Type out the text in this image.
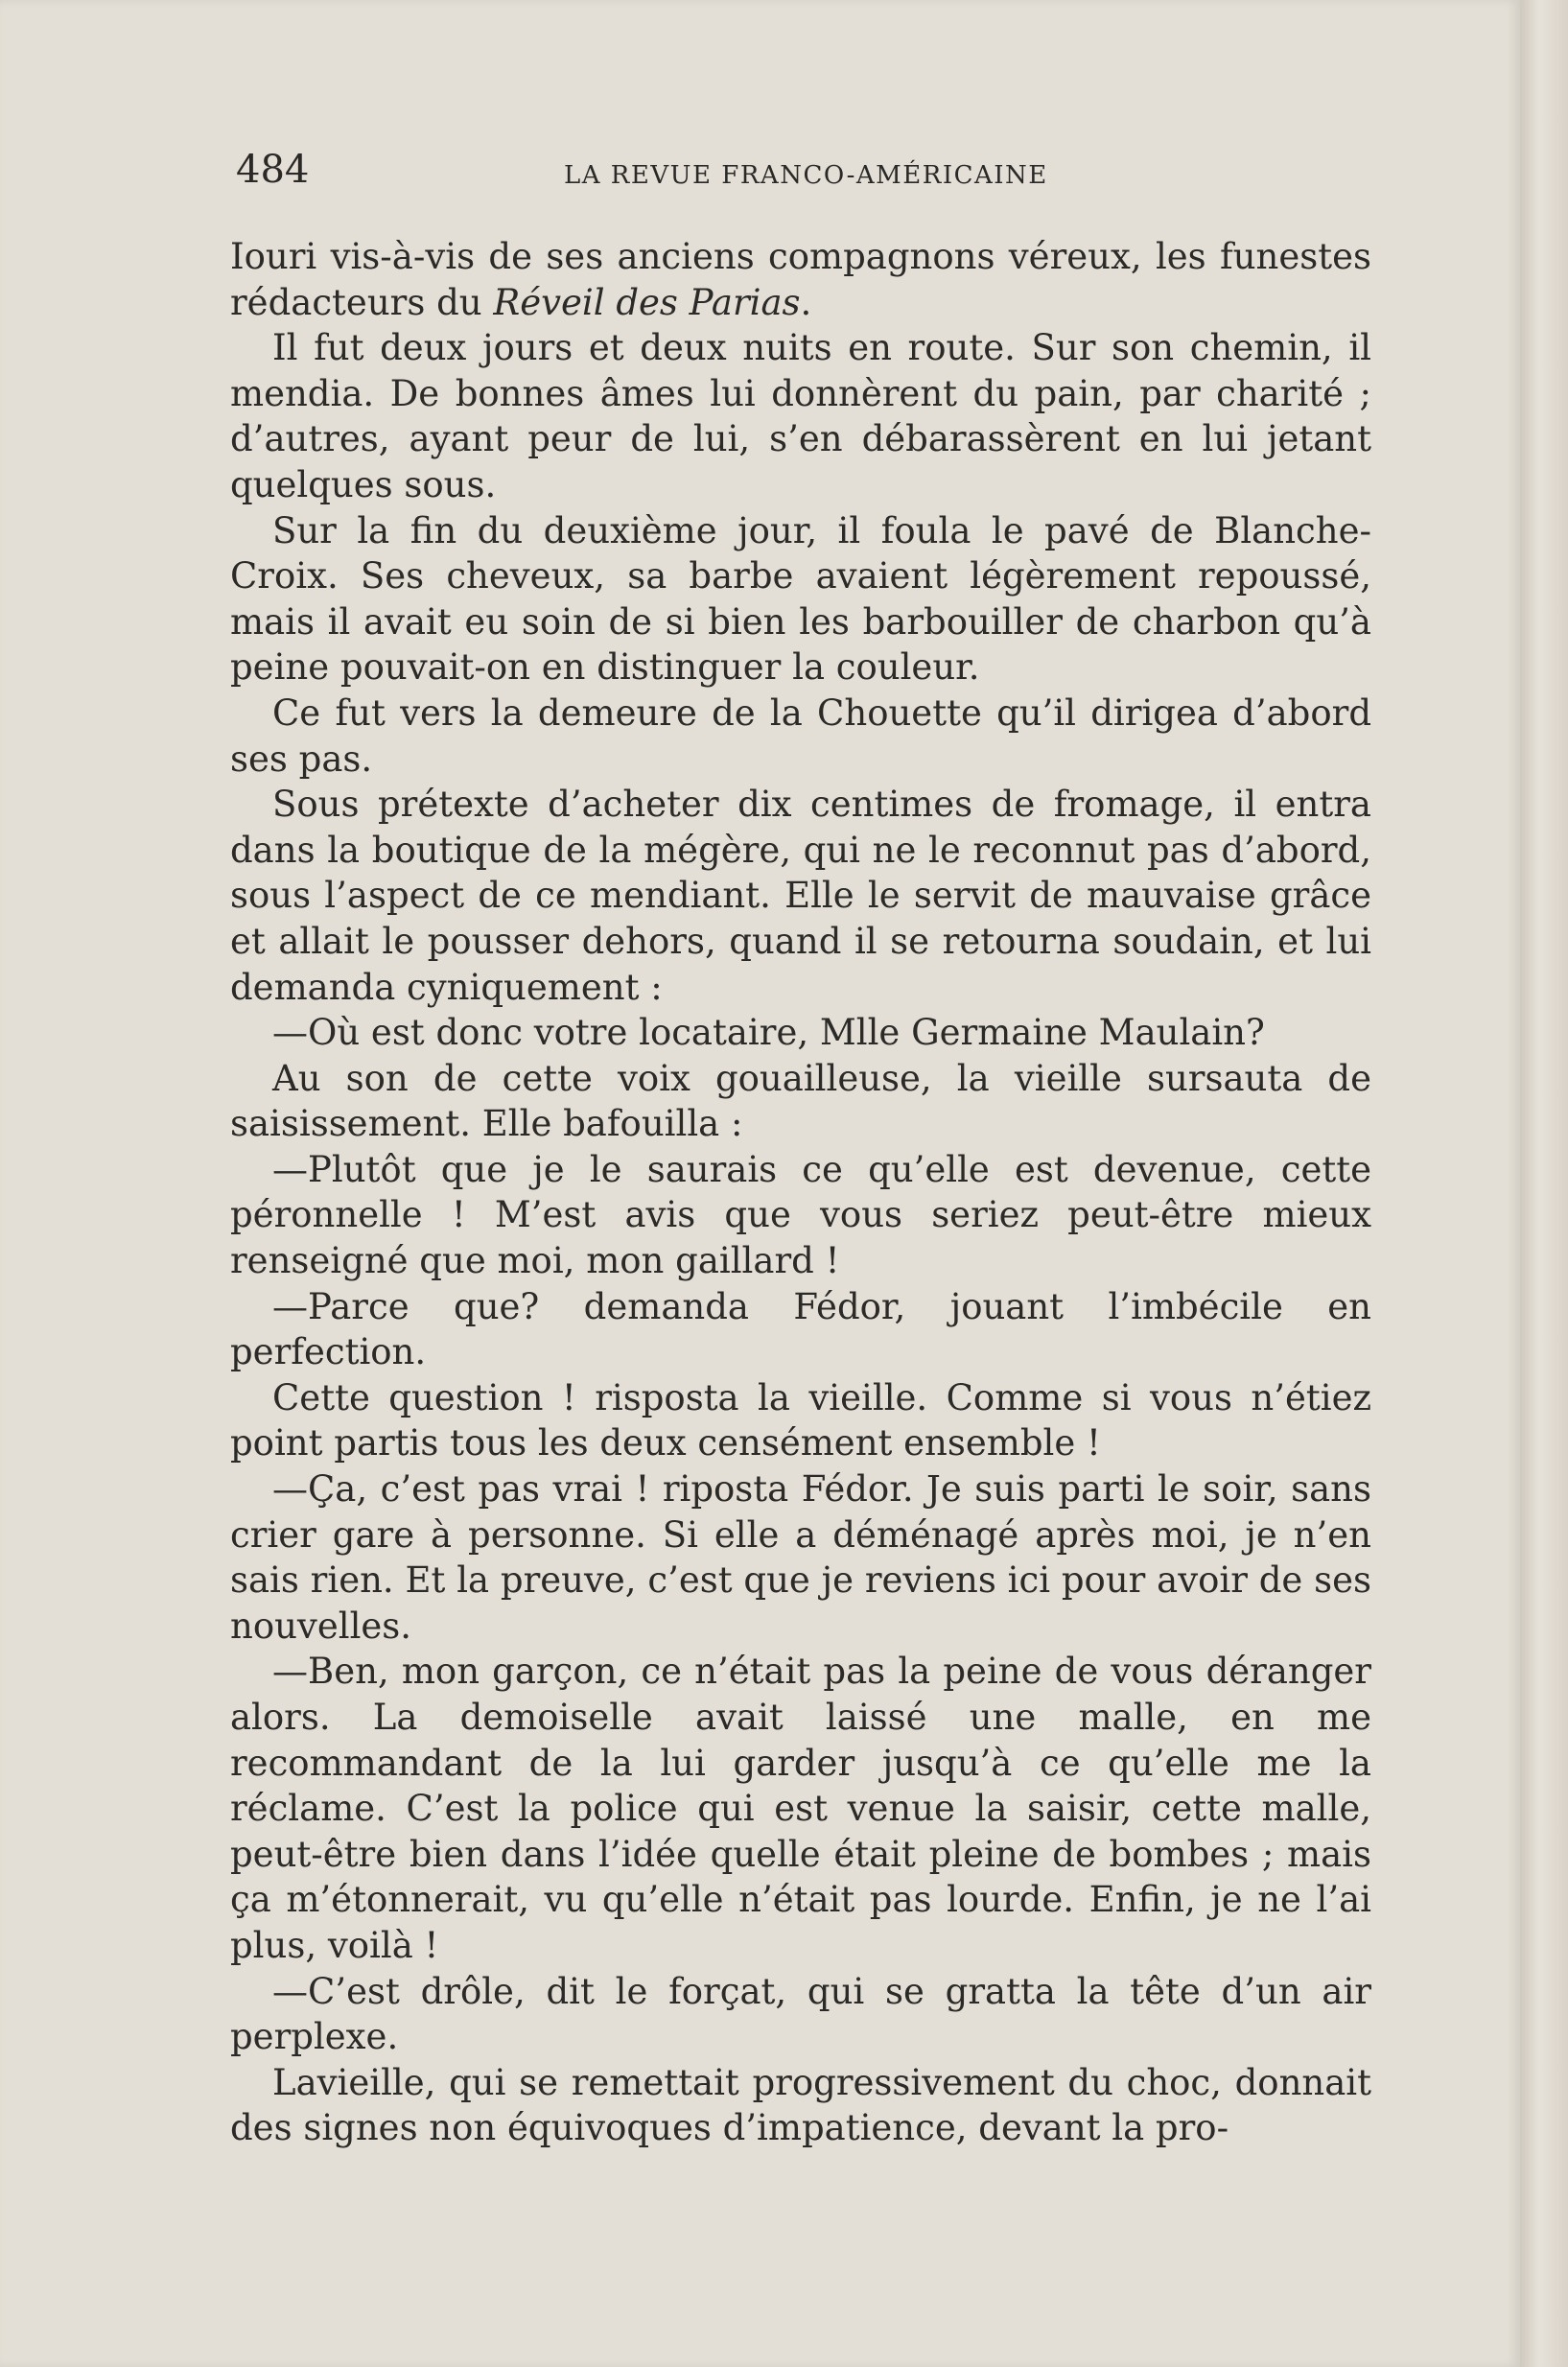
484	LA REVUE FRANCO-AMÉRICAINE

Iouri vis-à-vis de ses anciens compagnons véreux, les funestes rédacteurs du Réveil des Parias.

Il fut deux jours et deux nuits en route. Sur son chemin, il mendia. De bonnes âmes lui donnèrent du pain, par charité ; d’autres, ayant peur de lui, s’en débarassèrent en lui jetant quelques sous.

Sur la fin du deuxième jour, il foula le pavé de Blanche-Croix. Ses cheveux, sa barbe avaient légèrement repoussé, mais il avait eu soin de si bien les barbouiller de charbon qu’à peine pouvait-on en distinguer la couleur.

Ce fut vers la demeure de la Chouette qu’il dirigea d’abord ses pas.

Sous prétexte d’acheter dix centimes de fromage, il entra dans la boutique de la mégère, qui ne le reconnut pas d’abord, sous l’aspect de ce mendiant. Elle le servit de mauvaise grâce et allait le pousser dehors, quand il se retourna soudain, et lui demanda cyniquement :

—Où est donc votre locataire, Mlle Germaine Maulain?

Au son de cette voix gouailleuse, la vieille sursauta de saisissement. Elle bafouilla :

—Plutôt que je le saurais ce qu’elle est devenue, cette péronnelle ! M’est avis que vous seriez peut-être mieux renseigné que moi, mon gaillard !

—Parce que? demanda Fédor, jouant l’imbécile en perfection.

Cette question ! risposta la vieille. Comme si vous n’étiez point partis tous les deux censément ensemble !

—Ça, c’est pas vrai ! riposta Fédor. Je suis parti le soir, sans crier gare à personne. Si elle a déménagé après moi, je n’en sais rien. Et la preuve, c’est que je reviens ici pour avoir de ses nouvelles.

—Ben, mon garçon, ce n’était pas la peine de vous déranger alors. La demoiselle avait laissé une malle, en me recommandant de la lui garder jusqu’à ce qu’elle me la réclame. C’est la police qui est venue la saisir, cette malle, peut-être bien dans l’idée quelle était pleine de bombes ; mais ça m’étonnerait, vu qu’elle n’était pas lourde. Enfin, je ne l’ai plus, voilà !

—C’est drôle, dit le forçat, qui se gratta la tête d’un air perplexe.

Lavieille, qui se remettait progressivement du choc, donnait des signes non équivoques d’impatience, devant la pro-
